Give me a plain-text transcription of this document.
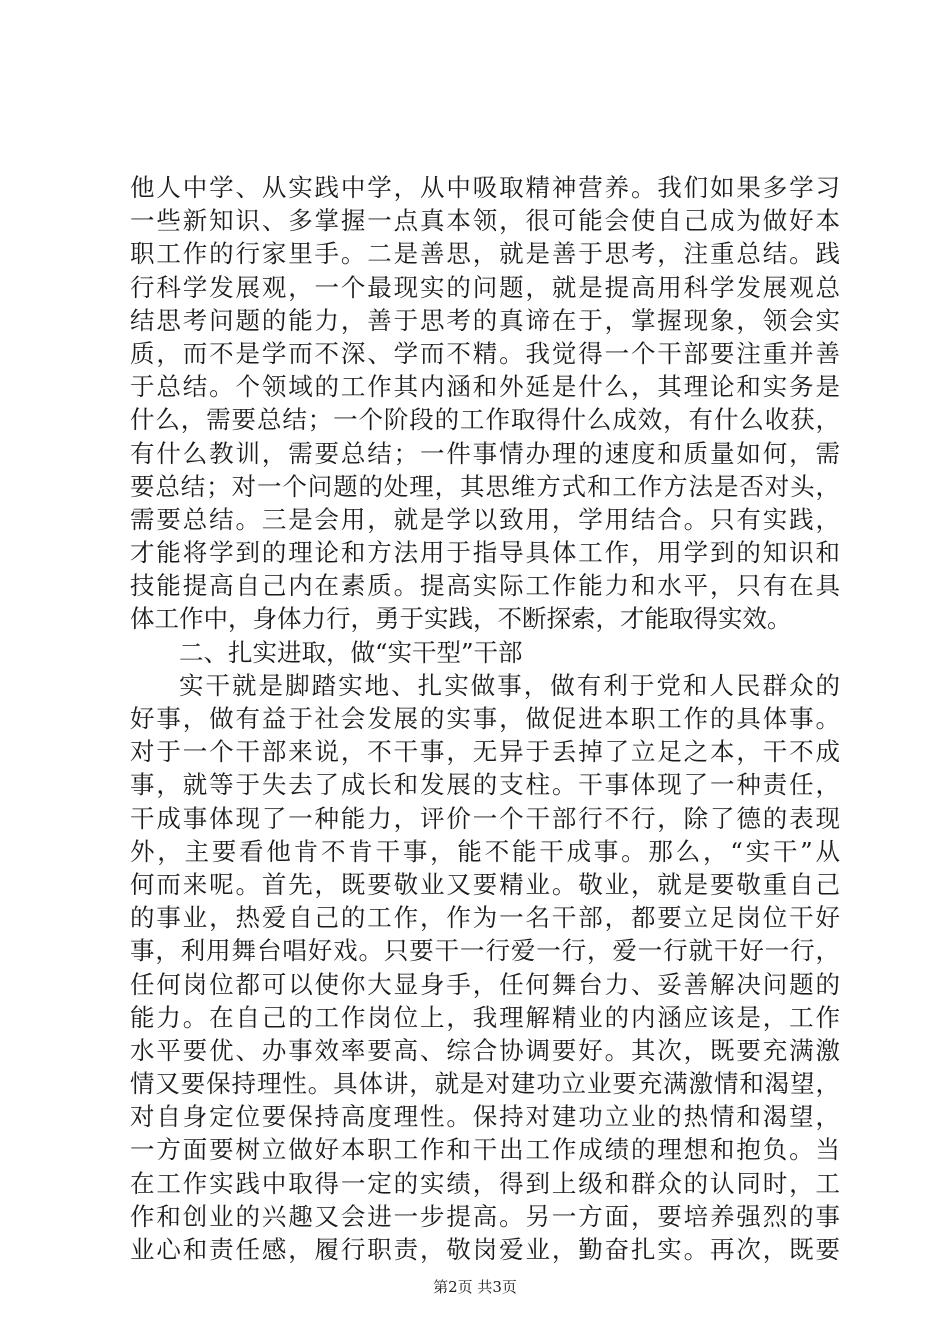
他人中学、从实践中学，从中吸取精神营养。我们如果多学习
一些新知识、多掌握一点真本领，很可能会使自己成为做好本
职工作的行家里手。二是善思，就是善于思考，注重总结。践
行科学发展观，一个最现实的问题，就是提高用科学发展观总
结思考问题的能力，善于思考的真谛在于，掌握现象，领会实
质，而不是学而不深、学而不精。我觉得一个干部要注重并善
于总结。个领域的工作其内涵和外延是什么，其理论和实务是
什么，需要总结；一个阶段的工作取得什么成效，有什么收获，
有什么教训，需要总结；一件事情办理的速度和质量如何，需
要总结；对一个问题的处理，其思维方式和工作方法是否对头，
需要总结。三是会用，就是学以致用，学用结合。只有实践，
才能将学到的理论和方法用于指导具体工作，用学到的知识和
技能提高自己内在素质。提高实际工作能力和水平，只有在具
体工作中，身体力行，勇于实践，不断探索，才能取得实效。
二、扎实进取，做“实干型”干部
实干就是脚踏实地、扎实做事，做有利于党和人民群众的
好事，做有益于社会发展的实事，做促进本职工作的具体事。
对于一个干部来说，不干事，无异于丢掉了立足之本，干不成
事，就等于失去了成长和发展的支柱。干事体现了一种责任，
干成事体现了一种能力，评价一个干部行不行，除了德的表现
外，主要看他肯不肯干事，能不能干成事。那么，“实干”从
何而来呢。首先，既要敬业又要精业。敬业，就是要敬重自己
的事业，热爱自己的工作，作为一名干部，都要立足岗位干好
事，利用舞台唱好戏。只要干一行爱一行，爱一行就干好一行，
任何岗位都可以使你大显身手，任何舞台力、妥善解决问题的
能力。在自己的工作岗位上，我理解精业的内涵应该是，工作
水平要优、办事效率要高、综合协调要好。其次，既要充满激
情又要保持理性。具体讲，就是对建功立业要充满激情和渴望，
对自身定位要保持高度理性。保持对建功立业的热情和渴望，
一方面要树立做好本职工作和干出工作成绩的理想和抱负。当
在工作实践中取得一定的实绩，得到上级和群众的认同时，工
作和创业的兴趣又会进一步提高。另一方面，要培养强烈的事
业心和责任感，履行职责，敬岗爱业，勤奋扎实。再次，既要
第2页 共3页
